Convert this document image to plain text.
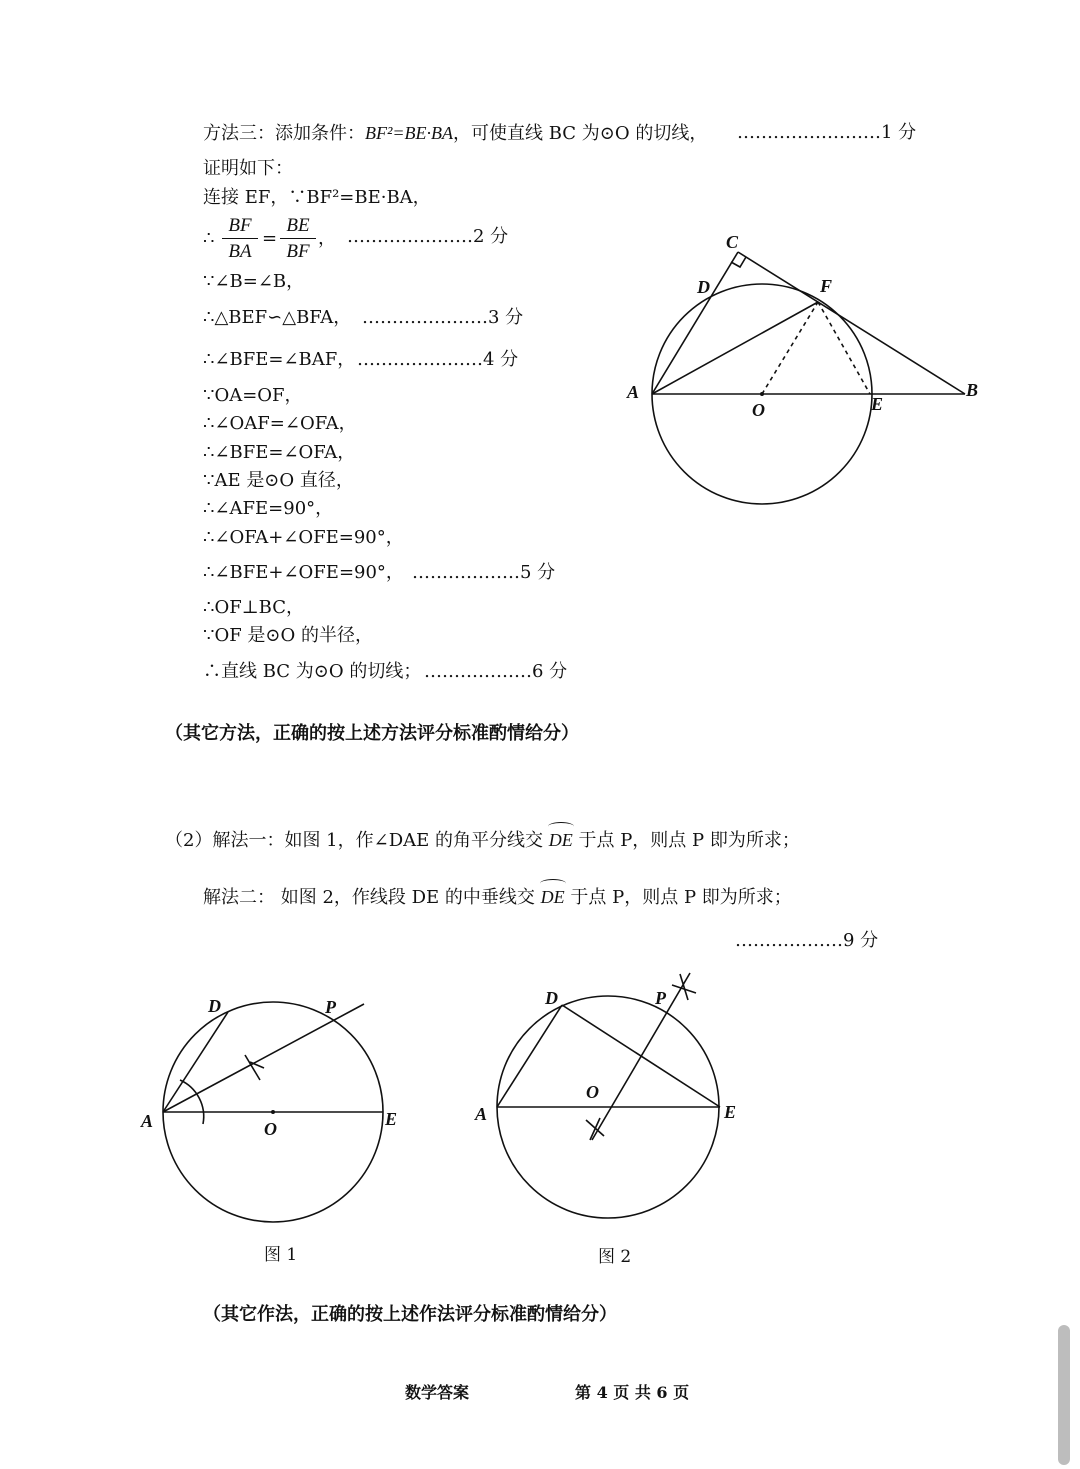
方法三：添加条件：BF²=BE·BA，可使直线 BC 为⊙O 的切线， ……………………1 分
证明如下：
连接 EF，∵BF²=BE·BA，
∴ $\frac{BF}{BA} = \frac{BE}{BF}$ ， …………………2 分
∵∠B=∠B，
∴△BEF∽△BFA， …………………3 分
∴∠BFE=∠BAF， …………………4 分
∵OA=OF，
∴∠OAF=∠OFA，
∴∠BFE=∠OFA，
∵AE 是⊙O 直径，
∴∠AFE=90°，
∴∠OFA+∠OFE=90°，
∴∠BFE+∠OFE=90°， ………………5 分
∴OF⊥BC，
∵OF 是⊙O 的半径，
∴直线 BC 为⊙O 的切线； ………………6 分
（其它方法，正确的按上述方法评分标准酌情给分）
（2）解法一：如图 1，作∠DAE 的角平分线交 DE 于点 P，则点 P 即为所求；
解法二： 如图 2，作线段 DE 的中垂线交 DE 于点 P，则点 P 即为所求；
………………9 分
C
D	F
A
O	E
B
D	P
A	O	E
图 1
D	P
O
A	E
图 2
（其它作法，正确的按上述作法评分标准酌情给分）
数学答案	第 4 页 共 6 页
